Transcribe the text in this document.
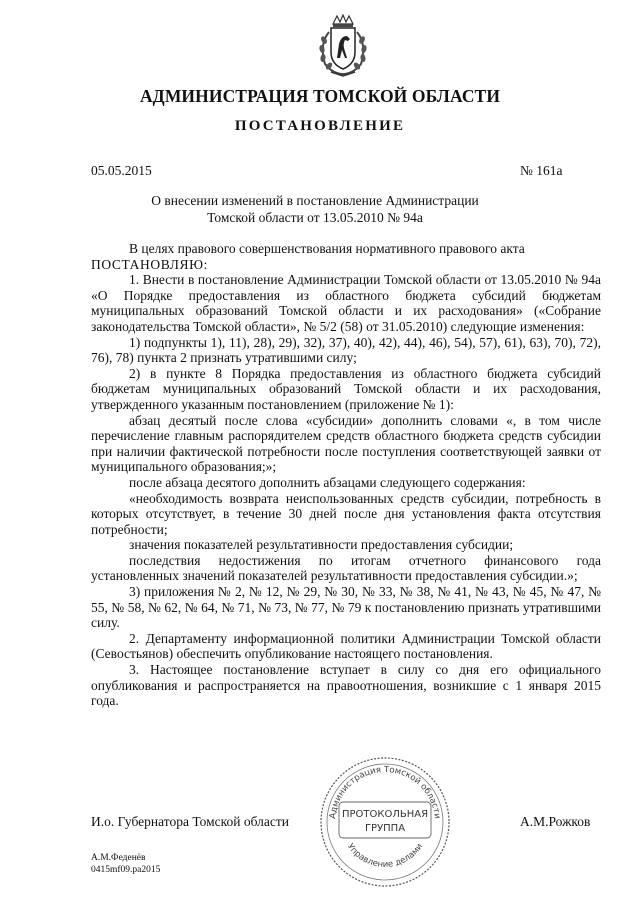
АДМИНИСТРАЦИЯ ТОМСКОЙ ОБЛАСТИ
ПОСТАНОВЛЕНИЕ
05.05.2015	№ 161а
О внесении изменений в постановление Администрации
Томской области от 13.05.2010 № 94а

В целях правового совершенствования нормативного правового акта

ПОСТАНОВЛЯЮ:

1. Внести в постановление Администрации Томской области от 13.05.2010 № 94а «О Порядке предоставления из областного бюджета субсидий бюджетам муниципальных образований Томской области и их расходования» («Собрание законодательства Томской области», № 5/2 (58) от 31.05.2010) следующие изменения:

1) подпункты 1), 11), 28), 29), 32), 37), 40), 42), 44), 46), 54), 57), 61), 63), 70), 72), 76), 78) пункта 2 признать утратившими силу;

2) в пункте 8 Порядка предоставления из областного бюджета субсидий бюджетам муниципальных образований Томской области и их расходования, утвержденного указанным постановлением (приложение № 1):

абзац десятый после слова «субсидии» дополнить словами «, в том числе перечисление главным распорядителем средств областного бюджета средств субсидии при наличии фактической потребности после поступления соответствующей заявки от муниципального образования;»;

после абзаца десятого дополнить абзацами следующего содержания:

«необходимость возврата неиспользованных средств субсидии, потребность в которых отсутствует, в течение 30 дней после дня установления факта отсутствия потребности;

значения показателей результативности предоставления субсидии;

последствия недостижения по итогам отчетного финансового года установленных значений показателей результативности предоставления субсидии.»;

3) приложения № 2, № 12, № 29, № 30, № 33, № 38, № 41, № 43, № 45, № 47, № 55, № 58, № 62, № 64, № 71, № 73, № 77, № 79 к постановлению признать утратившими силу.

2. Департаменту информационной политики Администрации Томской области (Севостьянов) обеспечить опубликование настоящего постановления.

3. Настоящее постановление вступает в силу со дня его официального опубликования и распространяется на правоотношения, возникшие с 1 января 2015 года.

И.о. Губернатора Томской области	А.М.Рожков
Администрация Томской области
Управление делами
ПРОТОКОЛЬНАЯ
ГРУППА
А.М.Феденёв
0415mf09.pa2015
